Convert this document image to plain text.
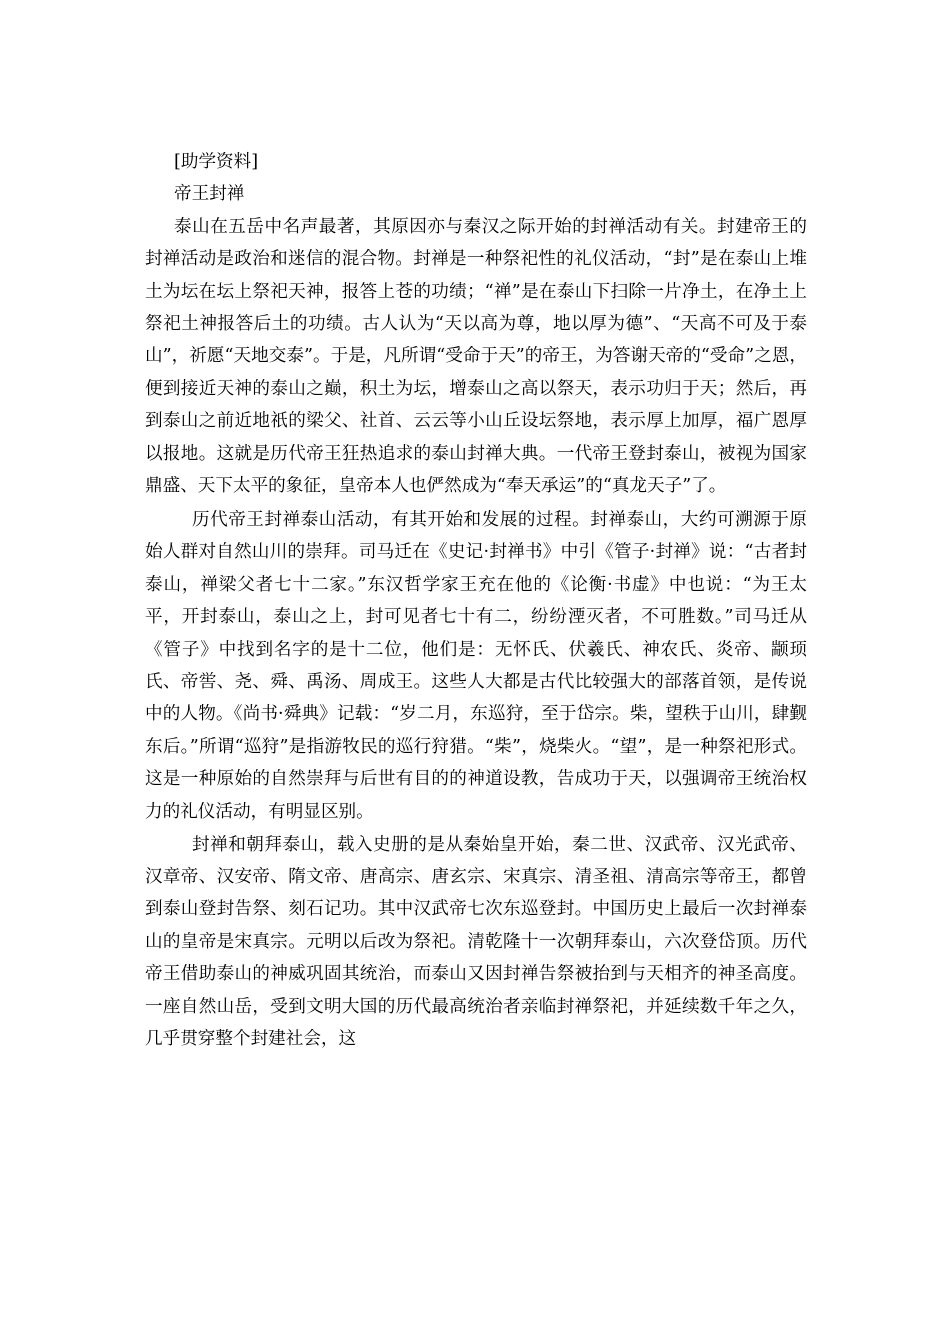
[助学资料]

帝王封禅

泰山在五岳中名声最著，其原因亦与秦汉之际开始的封禅活动有关。封建帝王的封禅活动是政治和迷信的混合物。封禅是一种祭祀性的礼仪活动，“封”是在泰山上堆土为坛在坛上祭祀天神，报答上苍的功绩；“禅”是在泰山下扫除一片净土，在净土上祭祀土神报答后土的功绩。古人认为“天以高为尊，地以厚为德”、“天高不可及于泰山”，祈愿“天地交泰”。于是，凡所谓“受命于天”的帝王，为答谢天帝的“受命”之恩，便到接近天神的泰山之巅，积土为坛，增泰山之高以祭天，表示功归于天；然后，再到泰山之前近地祇的梁父、社首、云云等小山丘设坛祭地，表示厚上加厚，福广恩厚以报地。这就是历代帝王狂热追求的泰山封禅大典。一代帝王登封泰山，被视为国家鼎盛、天下太平的象征，皇帝本人也俨然成为“奉天承运”的“真龙天子”了。

历代帝王封禅泰山活动，有其开始和发展的过程。封禅泰山，大约可溯源于原始人群对自然山川的崇拜。司马迁在《史记·封禅书》中引《管子·封禅》说：“古者封泰山，禅梁父者七十二家。”东汉哲学家王充在他的《论衡·书虚》中也说：“为王太平，开封泰山，泰山之上，封可见者七十有二，纷纷湮灭者，不可胜数。”司马迁从《管子》中找到名字的是十二位，他们是：无怀氏、伏羲氏、神农氏、炎帝、颛顼氏、帝喾、尧、舜、禹汤、周成王。这些人大都是古代比较强大的部落首领，是传说中的人物。《尚书·舜典》记载：“岁二月，东巡狩，至于岱宗。柴，望秩于山川，肆觐东后。”所谓“巡狩”是指游牧民的巡行狩猎。“柴”，烧柴火。“望”，是一种祭祀形式。这是一种原始的自然崇拜与后世有目的的神道设教，告成功于天，以强调帝王统治权力的礼仪活动，有明显区别。

封禅和朝拜泰山，载入史册的是从秦始皇开始，秦二世、汉武帝、汉光武帝、汉章帝、汉安帝、隋文帝、唐高宗、唐玄宗、宋真宗、清圣祖、清高宗等帝王，都曾到泰山登封告祭、刻石记功。其中汉武帝七次东巡登封。中国历史上最后一次封禅泰山的皇帝是宋真宗。元明以后改为祭祀。清乾隆十一次朝拜泰山，六次登岱顶。历代帝王借助泰山的神威巩固其统治，而泰山又因封禅告祭被抬到与天相齐的神圣高度。一座自然山岳，受到文明大国的历代最高统治者亲临封禅祭祀，并延续数千年之久，几乎贯穿整个封建社会，这
